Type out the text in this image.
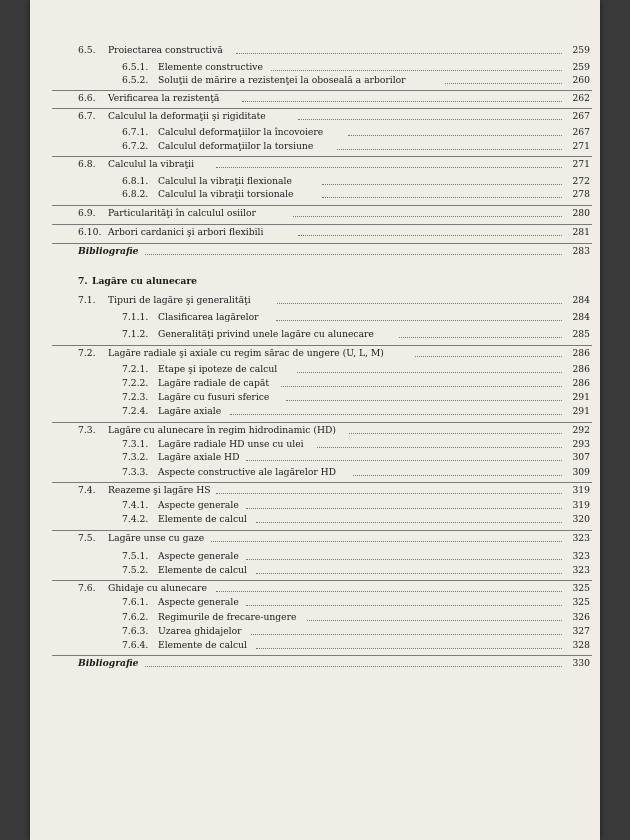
6.5. Proiectarea constructivă	259
6.5.1. Elemente constructive	259
6.5.2. Soluţii de mărire a rezistenţei la oboseală a arborilor	260
6.6. Verificarea la rezistenţă	262
6.7. Calculul la deformaţii şi rigiditate	267
6.7.1. Calculul deformaţiilor la încovoiere	267
6.7.2. Calculul deformaţiilor la torsiune	271
6.8. Calculul la vibraţii	271
6.8.1. Calculul la vibraţii flexionale	272
6.8.2. Calculul la vibraţii torsionale	278
6.9. Particularităţi în calculul osiilor	280
6.10. Arbori cardanici şi arbori flexibili	281
Bibliografie	283
7. Lagăre cu alunecare
7.1. Tipuri de lagăre şi generalităţi	284
7.1.1. Clasificarea lagărelor	284
7.1.2. Generalităţi privind unele lagăre cu alunecare	285
7.2. Lagăre radiale şi axiale cu regim sărac de ungere (U, L, M)	286
7.2.1. Etape şi ipoteze de calcul	286
7.2.2. Lagăre radiale de capăt	286
7.2.3. Lagăre cu fusuri sferice	291
7.2.4. Lagăre axiale	291
7.3. Lagăre cu alunecare în regim hidrodinamic (HD)	292
7.3.1. Lagăre radiale HD unse cu ulei	293
7.3.2. Lagăre axiale HD	307
7.3.3. Aspecte constructive ale lagărelor HD	309
7.4. Reazeme şi lagăre HS	319
7.4.1. Aspecte generale	319
7.4.2. Elemente de calcul	320
7.5. Lagăre unse cu gaze	323
7.5.1. Aspecte generale	323
7.5.2. Elemente de calcul	323
7.6. Ghidaje cu alunecare	325
7.6.1. Aspecte generale	325
7.6.2. Regimurile de frecare-ungere	326
7.6.3. Uzarea ghidajelor	327
7.6.4. Elemente de calcul	328
Bibliografie	330
